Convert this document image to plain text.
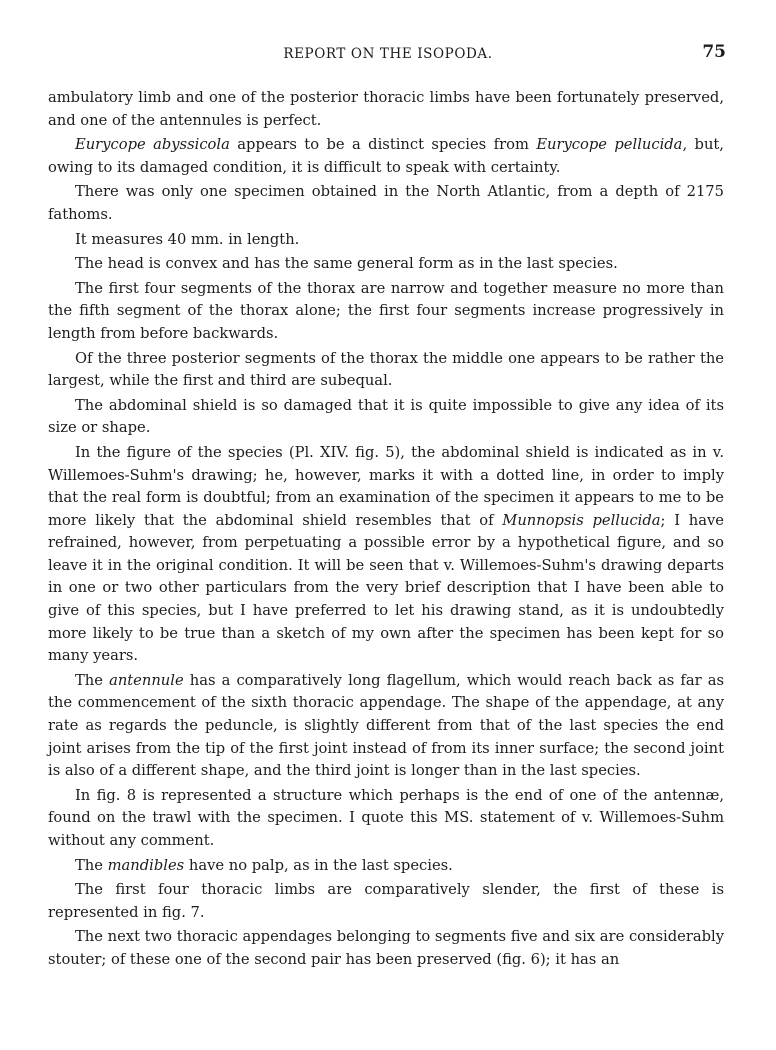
REPORT ON THE ISOPODA.	75

ambulatory limb and one of the posterior thoracic limbs have been fortunately preserved, and one of the antennules is perfect.

Eurycope abyssicola appears to be a distinct species from Eurycope pellucida, but, owing to its damaged condition, it is difficult to speak with certainty.

There was only one specimen obtained in the North Atlantic, from a depth of 2175 fathoms.

It measures 40 mm. in length.

The head is convex and has the same general form as in the last species.

The first four segments of the thorax are narrow and together measure no more than the fifth segment of the thorax alone; the first four segments increase progressively in length from before backwards.

Of the three posterior segments of the thorax the middle one appears to be rather the largest, while the first and third are subequal.

The abdominal shield is so damaged that it is quite impossible to give any idea of its size or shape.

In the figure of the species (Pl. XIV. fig. 5), the abdominal shield is indicated as in v. Willemoes-Suhm's drawing; he, however, marks it with a dotted line, in order to imply that the real form is doubtful; from an examination of the specimen it appears to me to be more likely that the abdominal shield resembles that of Munnopsis pellucida; I have refrained, however, from perpetuating a possible error by a hypothetical figure, and so leave it in the original condition. It will be seen that v. Willemoes-Suhm's drawing departs in one or two other particulars from the very brief description that I have been able to give of this species, but I have preferred to let his drawing stand, as it is undoubtedly more likely to be true than a sketch of my own after the specimen has been kept for so many years.

The antennule has a comparatively long flagellum, which would reach back as far as the commencement of the sixth thoracic appendage. The shape of the appendage, at any rate as regards the peduncle, is slightly different from that of the last species the end joint arises from the tip of the first joint instead of from its inner surface; the second joint is also of a different shape, and the third joint is longer than in the last species.

In fig. 8 is represented a structure which perhaps is the end of one of the antennæ, found on the trawl with the specimen. I quote this MS. statement of v. Willemoes-Suhm without any comment.

The mandibles have no palp, as in the last species.

The first four thoracic limbs are comparatively slender, the first of these is represented in fig. 7.

The next two thoracic appendages belonging to segments five and six are considerably stouter; of these one of the second pair has been preserved (fig. 6); it has an
